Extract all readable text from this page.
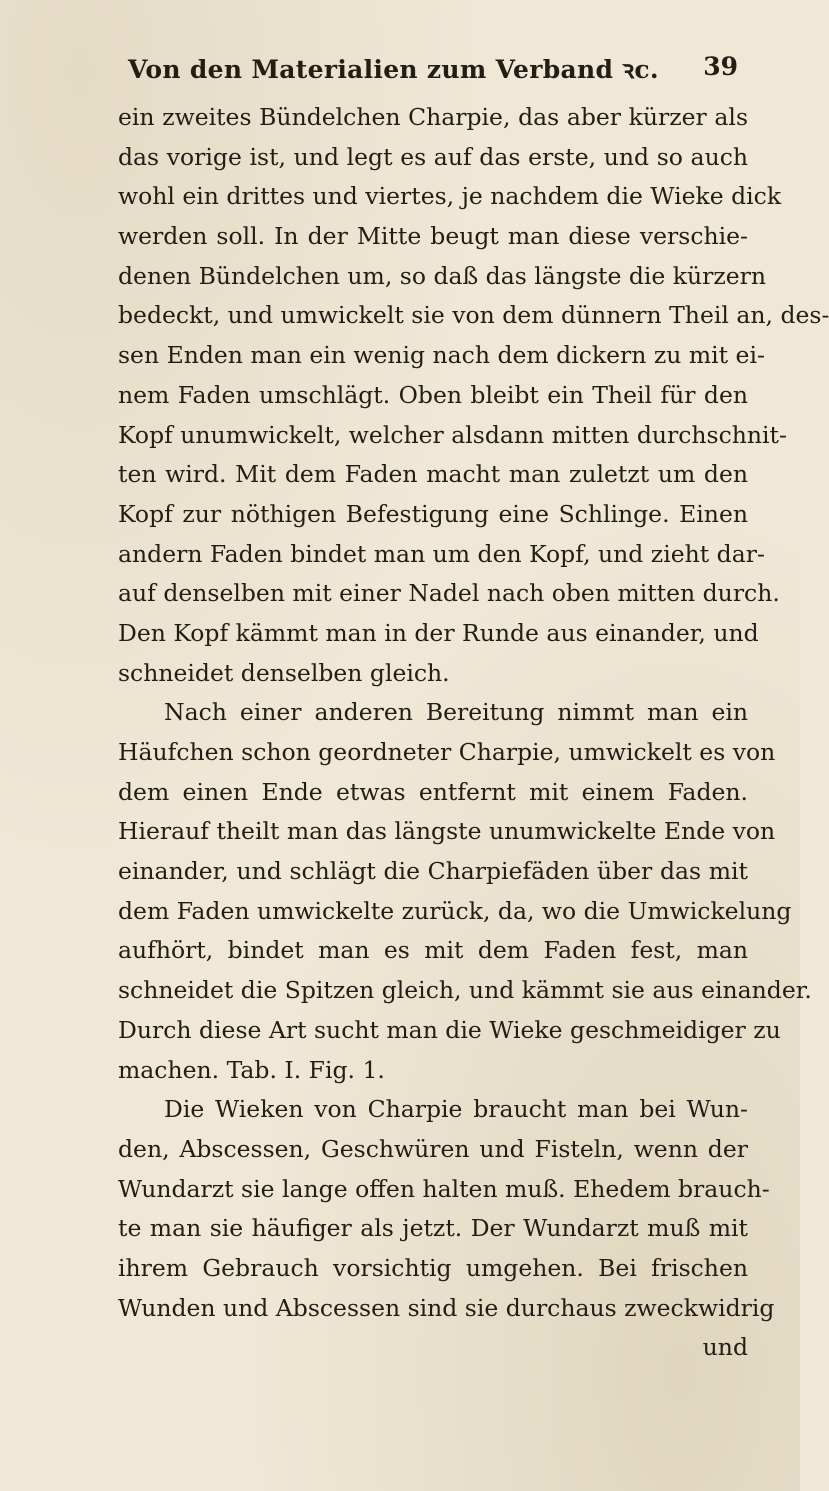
Von den Materialien zum Verband ꝛc. 39
ein zweites Bündelchen Charpie, das aber kürzer als
das vorige ist, und legt es auf das erste, und so auch
wohl ein drittes und viertes, je nachdem die Wieke dick
werden soll. In der Mitte beugt man diese verschie-
denen Bündelchen um, so daß das längste die kürzern
bedeckt, und umwickelt sie von dem dünnern Theil an, des-
sen Enden man ein wenig nach dem dickern zu mit ei-
nem Faden umschlägt. Oben bleibt ein Theil für den
Kopf unumwickelt, welcher alsdann mitten durchschnit-
ten wird. Mit dem Faden macht man zuletzt um den
Kopf zur nöthigen Befestigung eine Schlinge. Einen
andern Faden bindet man um den Kopf, und zieht dar-
auf denselben mit einer Nadel nach oben mitten durch.
Den Kopf kämmt man in der Runde aus einander, und
schneidet denselben gleich.
Nach einer anderen Bereitung nimmt man ein
Häufchen schon geordneter Charpie, umwickelt es von
dem einen Ende etwas entfernt mit einem Faden.
Hierauf theilt man das längste unumwickelte Ende von
einander, und schlägt die Charpiefäden über das mit
dem Faden umwickelte zurück, da, wo die Umwickelung
aufhört, bindet man es mit dem Faden fest, man
schneidet die Spitzen gleich, und kämmt sie aus einander.
Durch diese Art sucht man die Wieke geschmeidiger zu
machen. Tab. I. Fig. 1.
Die Wieken von Charpie braucht man bei Wun-
den, Abscessen, Geschwüren und Fisteln, wenn der
Wundarzt sie lange offen halten muß. Ehedem brauch-
te man sie häufiger als jetzt. Der Wundarzt muß mit
ihrem Gebrauch vorsichtig umgehen. Bei frischen
Wunden und Abscessen sind sie durchaus zweckwidrig
und
